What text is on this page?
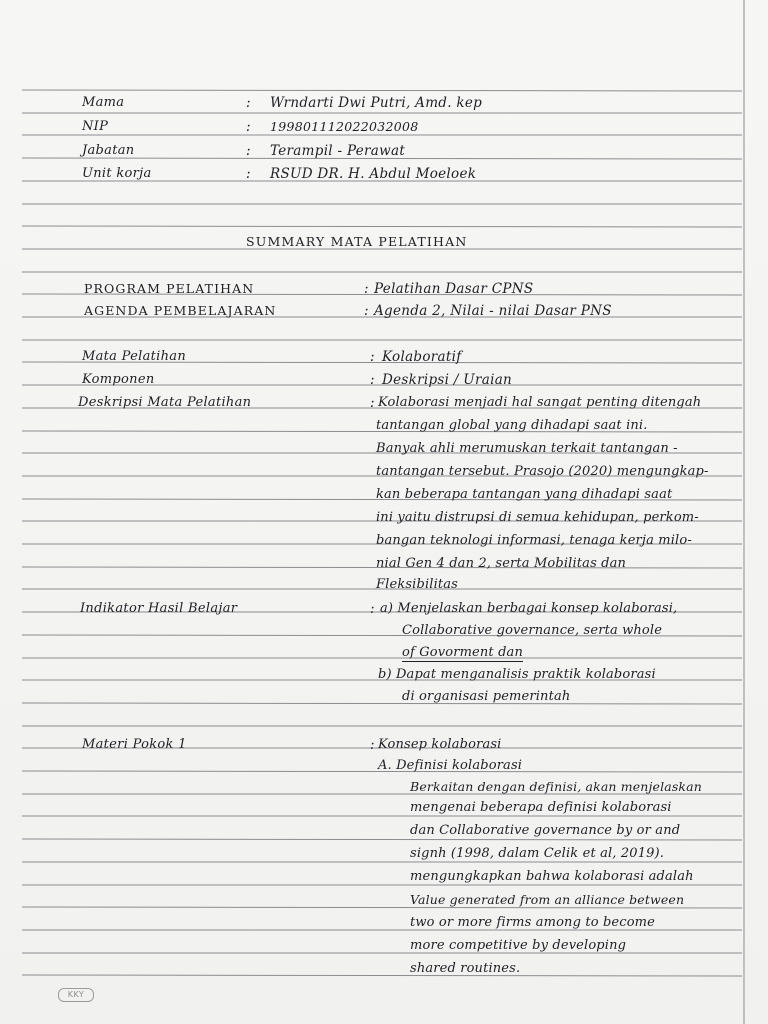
Mama	: Wrndarti Dwi Putri, Amd. kep
NIP	: 199801112022032008
Jabatan	: Terampil - Perawat
Unit korja	: RSUD DR. H. Abdul Moeloek
SUMMARY MATA PELATIHAN
PROGRAM PELATIHAN	: Pelatihan Dasar CPNS
AGENDA PEMBELAJARAN	: Agenda 2, Nilai - nilai Dasar PNS
Mata Pelatihan	: Kolaboratif
Komponen	: Deskripsi / Uraian
Deskripsi Mata Pelatihan	: Kolaborasi menjadi hal sangat penting ditengah
tantangan global yang dihadapi saat ini.
Banyak ahli merumuskan terkait tantangan -
tantangan tersebut. Prasojo (2020) mengungkap-
kan beberapa tantangan yang dihadapi saat
ini yaitu distrupsi di semua kehidupan, perkom-
bangan teknologi informasi, tenaga kerja milo-
nial Gen 4 dan 2, serta Mobilitas dan
Fleksibilitas
Indikator Hasil Belajar	: a) Menjelaskan berbagai konsep kolaborasi,
Collaborative governance, serta whole
of Govorment dan
b) Dapat menganalisis praktik kolaborasi
di organisasi pemerintah
Materi Pokok 1	: Konsep kolaborasi
A. Definisi kolaborasi
Berkaitan dengan definisi, akan menjelaskan
mengenai beberapa definisi kolaborasi
dan Collaborative governance by or and
signh (1998, dalam Celik et al, 2019).
mengungkapkan bahwa kolaborasi adalah
Value generated from an alliance between
two or more firms among to become
more competitive by developing
shared routines.
KKY
